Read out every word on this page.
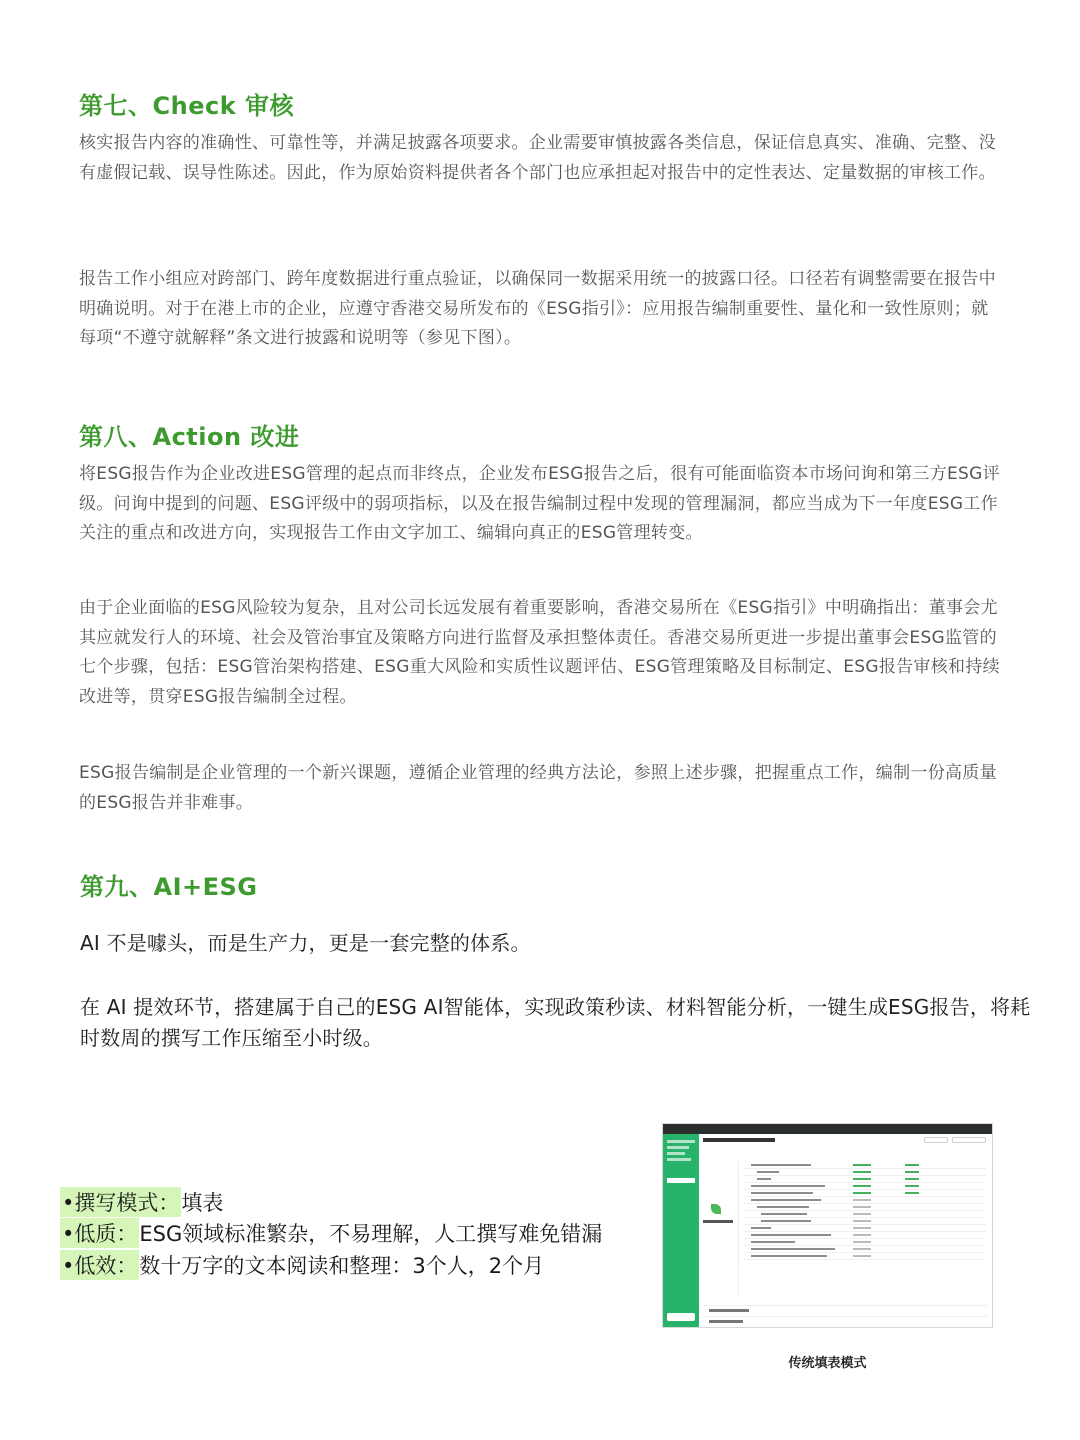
第七、Check 审核
核实报告内容的准确性、可靠性等，并满足披露各项要求。企业需要审慎披露各类信息，保证信息真实、准确、完整、没有虚假记载、误导性陈述。因此，作为原始资料提供者各个部门也应承担起对报告中的定性表达、定量数据的审核工作。
报告工作小组应对跨部门、跨年度数据进行重点验证，以确保同一数据采用统一的披露口径。口径若有调整需要在报告中明确说明。对于在港上市的企业，应遵守香港交易所发布的《ESG指引》：应用报告编制重要性、量化和一致性原则；就每项“不遵守就解释”条文进行披露和说明等（参见下图）。
第八、Action 改进
将ESG报告作为企业改进ESG管理的起点而非终点，企业发布ESG报告之后，很有可能面临资本市场问询和第三方ESG评级。问询中提到的问题、ESG评级中的弱项指标，以及在报告编制过程中发现的管理漏洞，都应当成为下一年度ESG工作关注的重点和改进方向，实现报告工作由文字加工、编辑向真正的ESG管理转变。
由于企业面临的ESG风险较为复杂，且对公司长远发展有着重要影响，香港交易所在《ESG指引》中明确指出：董事会尤其应就发行人的环境、社会及管治事宜及策略方向进行监督及承担整体责任。香港交易所更进一步提出董事会ESG监管的七个步骤，包括：ESG管治架构搭建、ESG重大风险和实质性议题评估、ESG管理策略及目标制定、ESG报告审核和持续改进等，贯穿ESG报告编制全过程。
ESG报告编制是企业管理的一个新兴课题，遵循企业管理的经典方法论，参照上述步骤，把握重点工作，编制一份高质量的ESG报告并非难事。
第九、AI+ESG
AI 不是噱头，而是生产力，更是一套完整的体系。
在 AI 提效环节，搭建属于自己的ESG AI智能体，实现政策秒读、材料智能分析，一键生成ESG报告，将耗时数周的撰写工作压缩至小时级。
•撰写模式： 填表
•低质： ESG领域标准繁杂，不易理解，人工撰写难免错漏
•低效： 数十万字的文本阅读和整理：3个人，2个月
传统填表模式
